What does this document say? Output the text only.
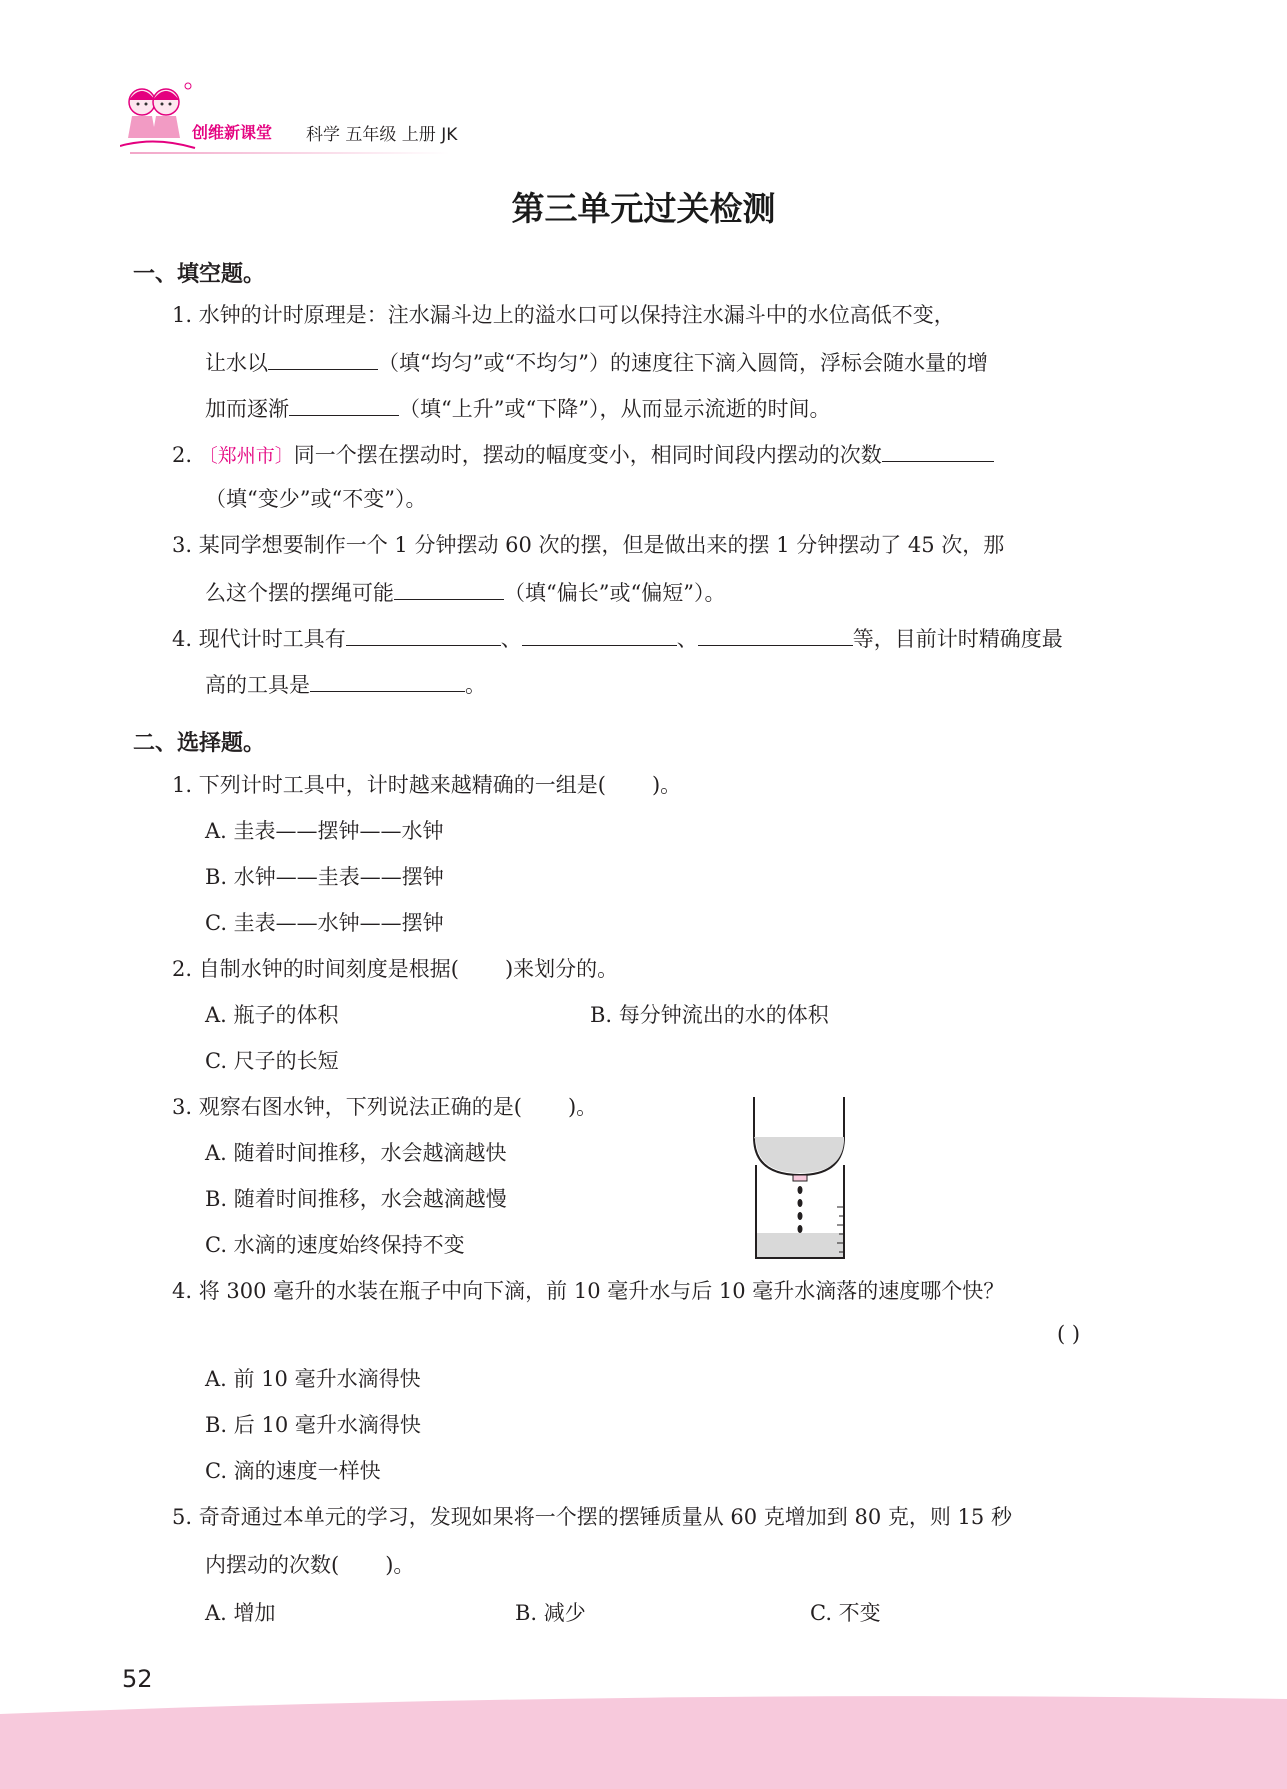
创维新课堂 科学 五年级 上册 JK
第三单元过关检测
一、填空题。
1. 水钟的计时原理是：注水漏斗边上的溢水口可以保持注水漏斗中的水位高低不变，
让水以	（填“均匀”或“不均匀”）的速度往下滴入圆筒，浮标会随水量的增
加而逐渐	（填“上升”或“下降”），从而显示流逝的时间。
2. 〔郑州市〕同一个摆在摆动时，摆动的幅度变小，相同时间段内摆动的次数
（填“变少”或“不变”）。
3. 某同学想要制作一个 1 分钟摆动 60 次的摆，但是做出来的摆 1 分钟摆动了 45 次，那
么这个摆的摆绳可能	（填“偏长”或“偏短”）。
4. 现代计时工具有	、	、	等，目前计时精确度最
高的工具是	。
二、选择题。
1. 下列计时工具中，计时越来越精确的一组是( )。
A. 圭表——摆钟——水钟
B. 水钟——圭表——摆钟
C. 圭表——水钟——摆钟
2. 自制水钟的时间刻度是根据( )来划分的。
A. 瓶子的体积	B. 每分钟流出的水的体积
C. 尺子的长短
3. 观察右图水钟，下列说法正确的是( )。
A. 随着时间推移，水会越滴越快
B. 随着时间推移，水会越滴越慢
C. 水滴的速度始终保持不变
4. 将 300 毫升的水装在瓶子中向下滴，前 10 毫升水与后 10 毫升水滴落的速度哪个快？
( )
A. 前 10 毫升水滴得快
B. 后 10 毫升水滴得快
C. 滴的速度一样快
5. 奇奇通过本单元的学习，发现如果将一个摆的摆锤质量从 60 克增加到 80 克，则 15 秒
内摆动的次数( )。
A. 增加	B. 减少	C. 不变
52
